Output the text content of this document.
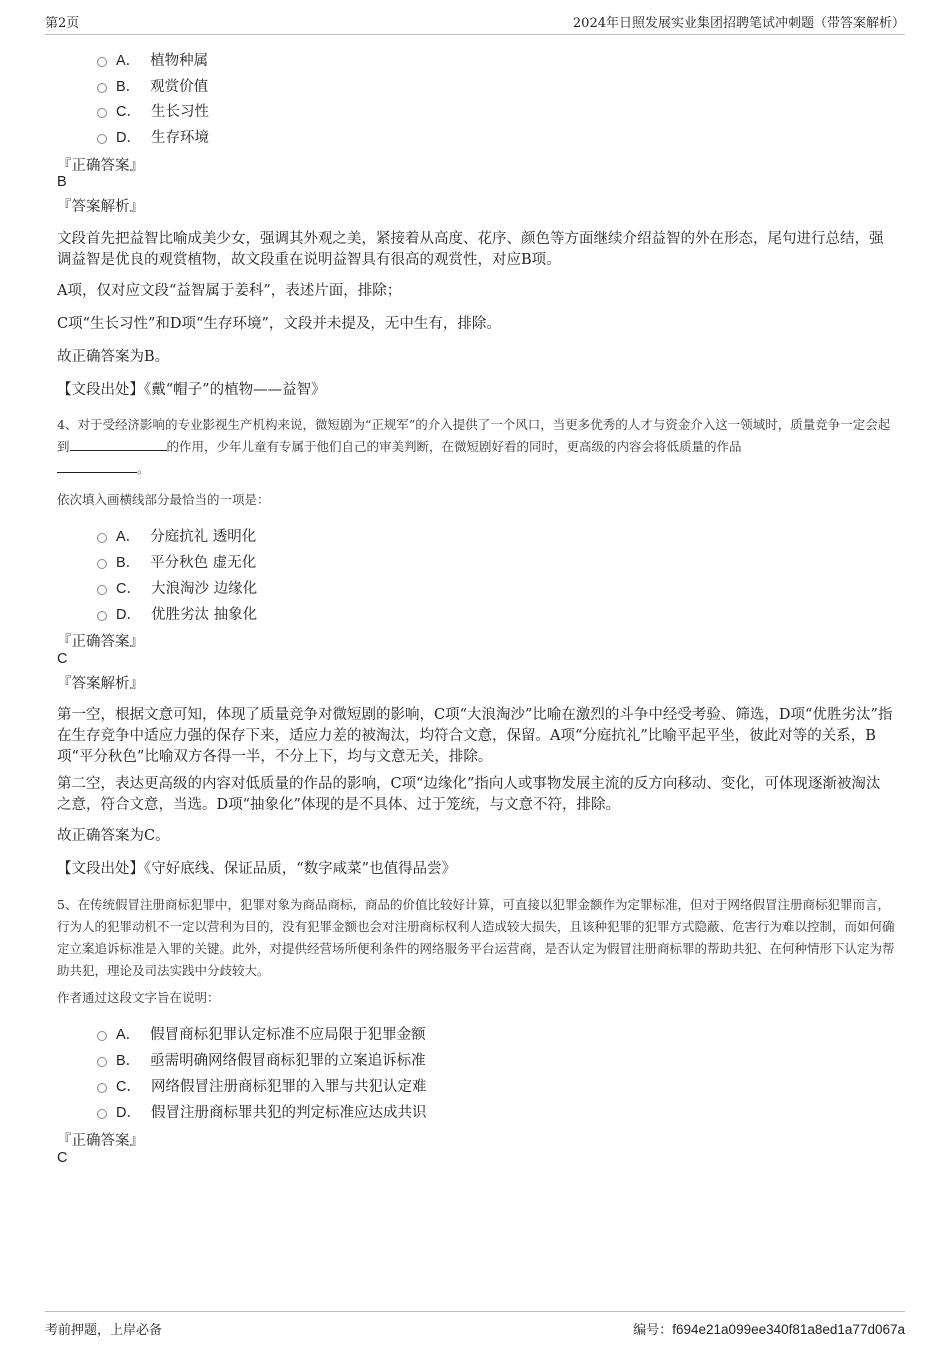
第2页	2024年日照发展实业集团招聘笔试冲刺题（带答案解析）
A． 植物种属
B． 观赏价值
C． 生长习性
D． 生存环境
『正确答案』
B
『答案解析』
文段首先把益智比喻成美少女，强调其外观之美，紧接着从高度、花序、颜色等方面继续介绍益智的外在形态，尾句进行总结，强调益智是优良的观赏植物，故文段重在说明益智具有很高的观赏性，对应B项。
A项，仅对应文段“益智属于姜科”，表述片面，排除；
C项“生长习性”和D项“生存环境”，文段并未提及，无中生有，排除。
故正确答案为B。
【文段出处】《戴“帽子”的植物——益智》
4、对于受经济影响的专业影视生产机构来说，微短剧为“正规军”的介入提供了一个风口，当更多优秀的人才与资金介入这一领域时，质量竞争一定会起到	的作用，少年儿童有专属于他们自己的审美判断，在微短剧好看的同时，更高级的内容会将低质量的作品
。
依次填入画横线部分最恰当的一项是：
A． 分庭抗礼 透明化
B． 平分秋色 虚无化
C． 大浪淘沙 边缘化
D． 优胜劣汰 抽象化
『正确答案』
C
『答案解析』
第一空，根据文意可知，体现了质量竞争对微短剧的影响，C项“大浪淘沙”比喻在激烈的斗争中经受考验、筛选，D项“优胜劣汰”指在生存竞争中适应力强的保存下来，适应力差的被淘汰，均符合文意，保留。A项“分庭抗礼”比喻平起平坐，彼此对等的关系，B项“平分秋色”比喻双方各得一半，不分上下，均与文意无关，排除。
第二空，表达更高级的内容对低质量的作品的影响，C项“边缘化”指向人或事物发展主流的反方向移动、变化，可体现逐渐被淘汰之意，符合文意，当选。D项“抽象化”体现的是不具体、过于笼统，与文意不符，排除。
故正确答案为C。
【文段出处】《守好底线、保证品质，“数字咸菜”也值得品尝》
5、在传统假冒注册商标犯罪中，犯罪对象为商品商标，商品的价值比较好计算，可直接以犯罪金额作为定罪标准，但对于网络假冒注册商标犯罪而言，行为人的犯罪动机不一定以营利为目的，没有犯罪金额也会对注册商标权利人造成较大损失，且该种犯罪的犯罪方式隐蔽、危害行为难以控制，而如何确定立案追诉标准是入罪的关键。此外，对提供经营场所便利条件的网络服务平台运营商，是否认定为假冒注册商标罪的帮助共犯、在何种情形下认定为帮助共犯，理论及司法实践中分歧较大。
作者通过这段文字旨在说明：
A． 假冒商标犯罪认定标准不应局限于犯罪金额
B． 亟需明确网络假冒商标犯罪的立案追诉标准
C． 网络假冒注册商标犯罪的入罪与共犯认定难
D． 假冒注册商标罪共犯的判定标准应达成共识
『正确答案』
C
考前押题，上岸必备	编号：f694e21a099ee340f81a8ed1a77d067a
